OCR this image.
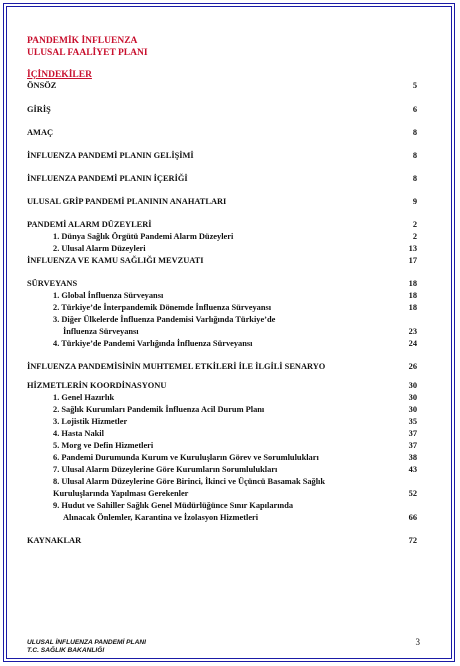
PANDEMİK İNFLUENZA
ULUSAL FAALİYET PLANI
İÇİNDEKİLER
ÖNSÖZ	5
GİRİŞ	6
AMAÇ	8
İNFLUENZA PANDEMİ PLANIN GELİŞİMİ	8
İNFLUENZA PANDEMİ PLANIN İÇERİĞİ	8
ULUSAL GRİP PANDEMİ PLANININ ANAHATLARI	9
PANDEMİ ALARM DÜZEYLERİ	2
1. Dünya Sağlık Örgütü Pandemi Alarm Düzeyleri	2
2. Ulusal Alarm Düzeyleri	13
İNFLUENZA VE KAMU SAĞLIĞI MEVZUATI	17
SÜRVEYANS	18
1. Global İnfluenza Sürveyansı	18
2. Türkiye’de İnterpandemik Dönemde İnfluenza Sürveyansı	18
3. Diğer Ülkelerde İnfluenza Pandemisi Varlığında Türkiye’de
İnfluenza Sürveyansı	23
4. Türkiye’de Pandemi Varlığında İnfluenza Sürveyansı	24
İNFLUENZA PANDEMİSİNİN MUHTEMEL ETKİLERİ İLE İLGİLİ SENARYO	26
HİZMETLERİN KOORDİNASYONU	30
1. Genel Hazırlık	30
2. Sağlık Kurumları Pandemik İnfluenza Acil Durum Planı	30
3. Lojistik Hizmetler	35
4. Hasta Nakil	37
5. Morg ve Defin Hizmetleri	37
6. Pandemi Durumunda Kurum ve Kuruluşların Görev ve Sorumlulukları	38
7. Ulusal Alarm Düzeylerine Göre Kurumların Sorumlulukları	43
8. Ulusal Alarm Düzeylerine Göre Birinci, İkinci ve Üçüncü Basamak Sağlık
Kuruluşlarında Yapılması Gerekenler	52
9. Hudut ve Sahiller Sağlık Genel Müdürlüğünce Sınır Kapılarında
Alınacak Önlemler, Karantina ve İzolasyon Hizmetleri	66
KAYNAKLAR	72
ULUSAL İNFLUENZA PANDEMİ PLANI
T.C. SAĞLIK BAKANLIĞI
3
